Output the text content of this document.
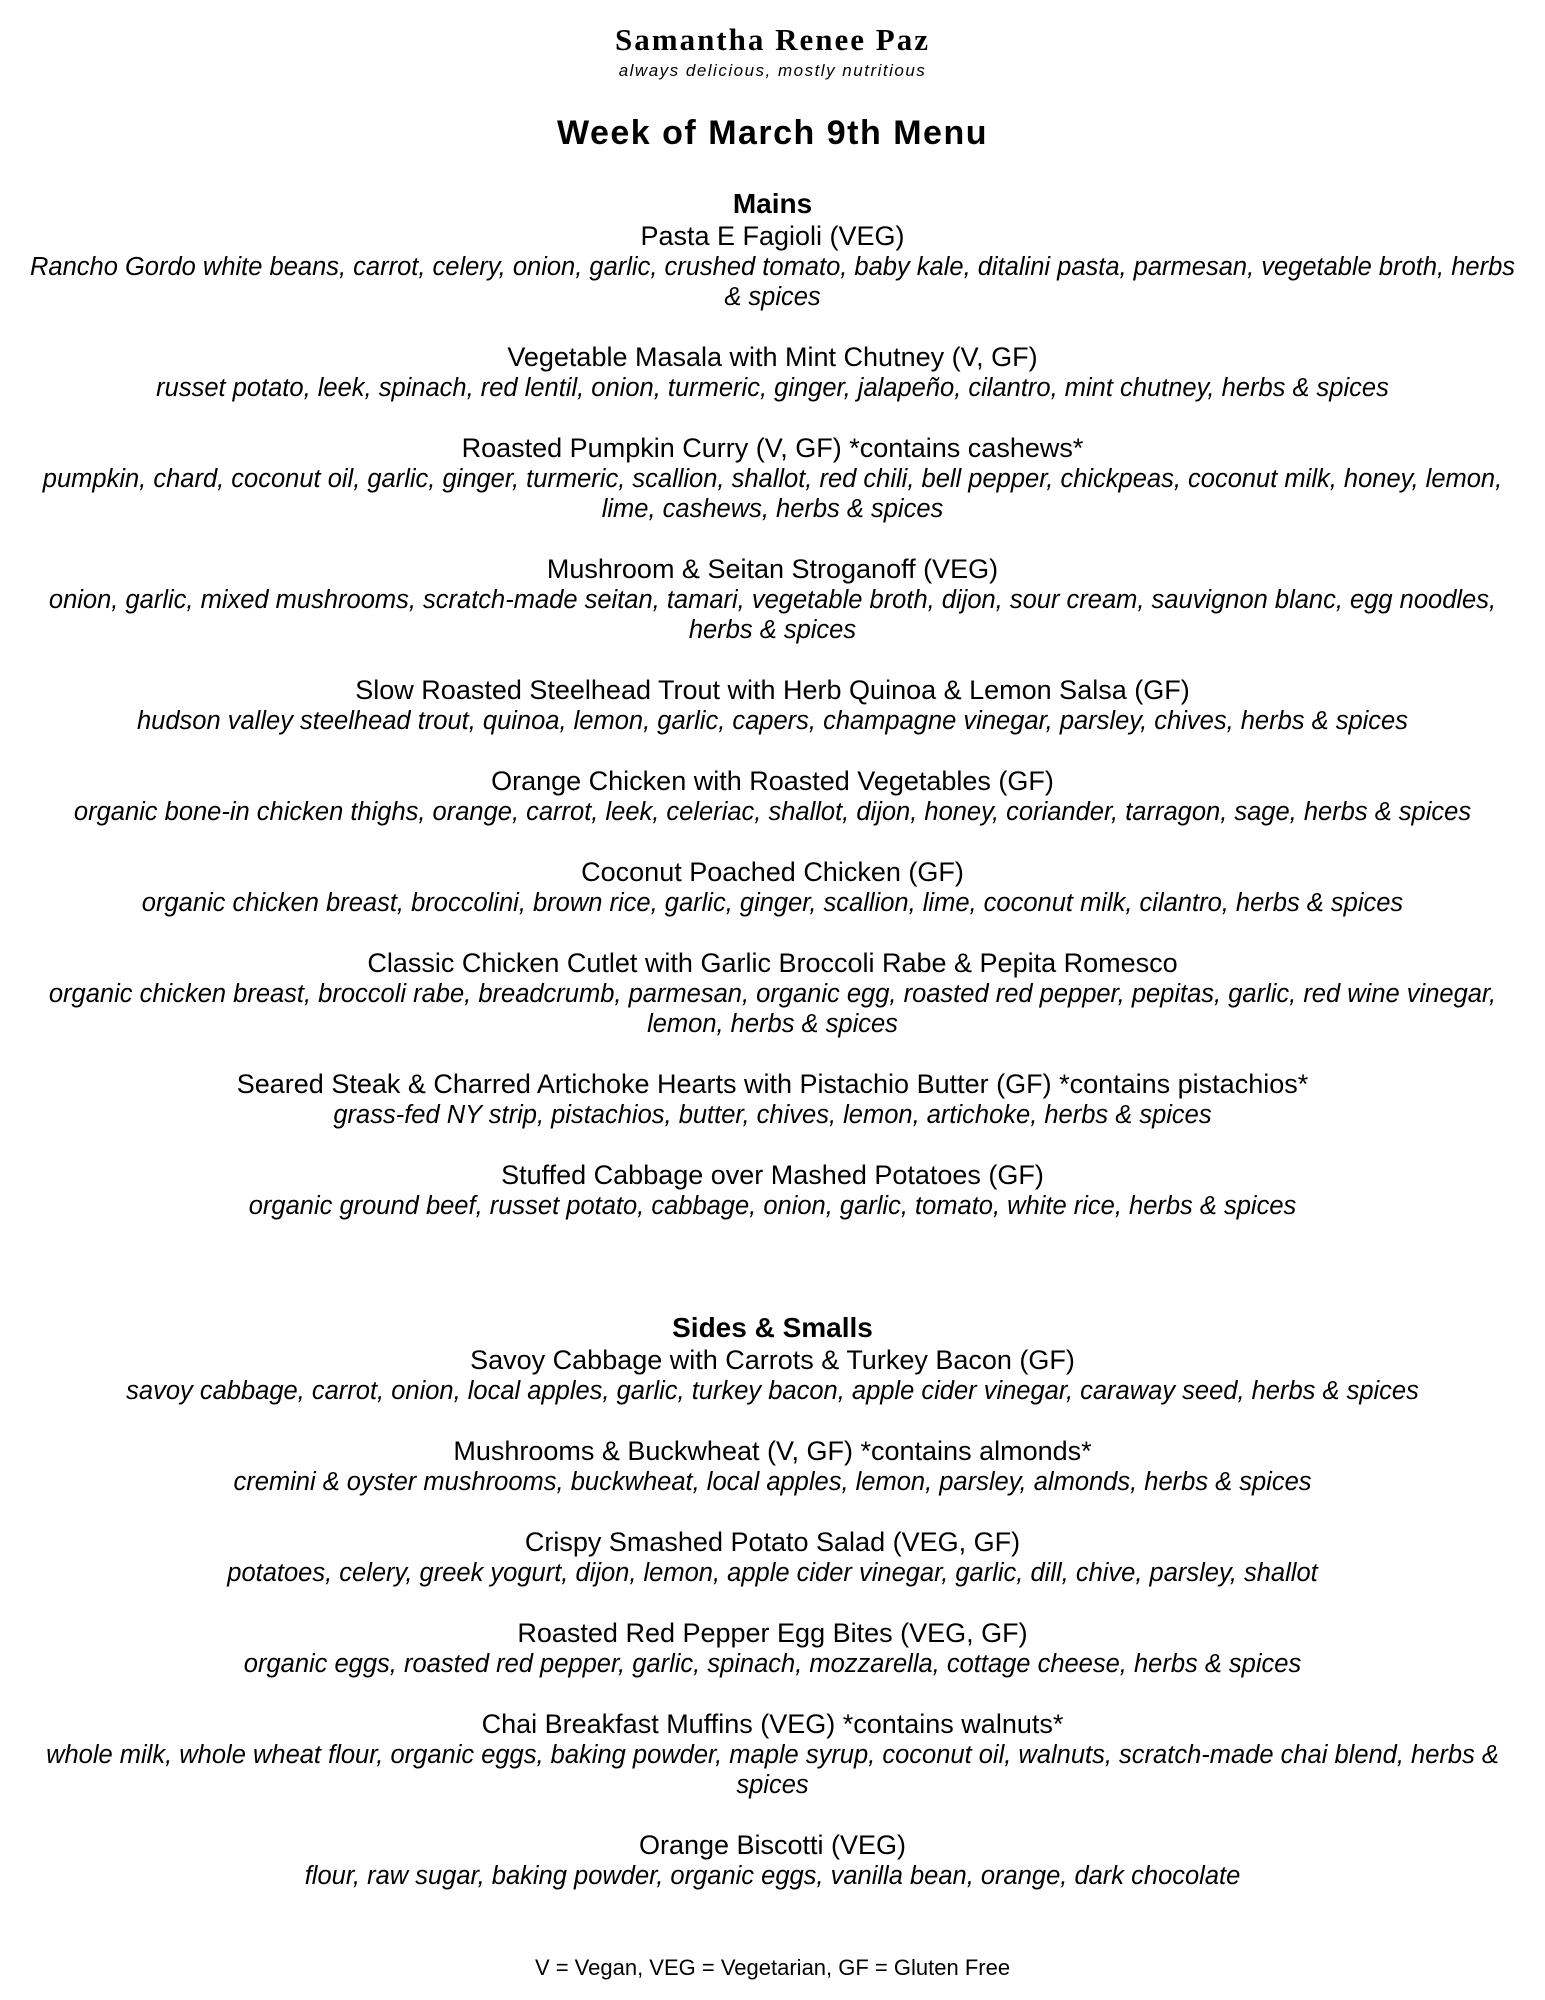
Samantha Renee Paz
always delicious, mostly nutritious
Week of March 9th Menu
Mains
Pasta E Fagioli (VEG)
Rancho Gordo white beans, carrot, celery, onion, garlic, crushed tomato, baby kale, ditalini pasta, parmesan, vegetable broth, herbs & spices
Vegetable Masala with Mint Chutney (V, GF)
russet potato, leek, spinach, red lentil, onion, turmeric, ginger, jalapeño, cilantro, mint chutney, herbs & spices
Roasted Pumpkin Curry (V, GF) *contains cashews*
pumpkin, chard, coconut oil, garlic, ginger, turmeric, scallion, shallot, red chili, bell pepper, chickpeas, coconut milk, honey, lemon, lime, cashews, herbs & spices
Mushroom & Seitan Stroganoff (VEG)
onion, garlic, mixed mushrooms, scratch-made seitan, tamari, vegetable broth, dijon, sour cream, sauvignon blanc, egg noodles, herbs & spices
Slow Roasted Steelhead Trout with Herb Quinoa & Lemon Salsa (GF)
hudson valley steelhead trout, quinoa, lemon, garlic, capers, champagne vinegar, parsley, chives, herbs & spices
Orange Chicken with Roasted Vegetables (GF)
organic bone-in chicken thighs, orange, carrot, leek, celeriac, shallot, dijon, honey, coriander, tarragon, sage, herbs & spices
Coconut Poached Chicken (GF)
organic chicken breast, broccolini, brown rice, garlic, ginger, scallion, lime, coconut milk, cilantro, herbs & spices
Classic Chicken Cutlet with Garlic Broccoli Rabe & Pepita Romesco
organic chicken breast, broccoli rabe, breadcrumb, parmesan, organic egg, roasted red pepper, pepitas, garlic, red wine vinegar, lemon, herbs & spices
Seared Steak & Charred Artichoke Hearts with Pistachio Butter (GF) *contains pistachios*
grass-fed NY strip, pistachios, butter, chives, lemon, artichoke, herbs & spices
Stuffed Cabbage over Mashed Potatoes (GF)
organic ground beef, russet potato, cabbage, onion, garlic, tomato, white rice, herbs & spices
Sides & Smalls
Savoy Cabbage with Carrots & Turkey Bacon (GF)
savoy cabbage, carrot, onion, local apples, garlic, turkey bacon, apple cider vinegar, caraway seed, herbs & spices
Mushrooms & Buckwheat (V, GF) *contains almonds*
cremini & oyster mushrooms, buckwheat, local apples, lemon, parsley, almonds, herbs & spices
Crispy Smashed Potato Salad (VEG, GF)
potatoes, celery, greek yogurt, dijon, lemon, apple cider vinegar, garlic, dill, chive, parsley, shallot
Roasted Red Pepper Egg Bites (VEG, GF)
organic eggs, roasted red pepper, garlic, spinach, mozzarella, cottage cheese, herbs & spices
Chai Breakfast Muffins (VEG) *contains walnuts*
whole milk, whole wheat flour, organic eggs, baking powder, maple syrup, coconut oil, walnuts, scratch-made chai blend, herbs & spices
Orange Biscotti (VEG)
flour, raw sugar, baking powder, organic eggs, vanilla bean, orange, dark chocolate
V = Vegan, VEG = Vegetarian, GF = Gluten Free
